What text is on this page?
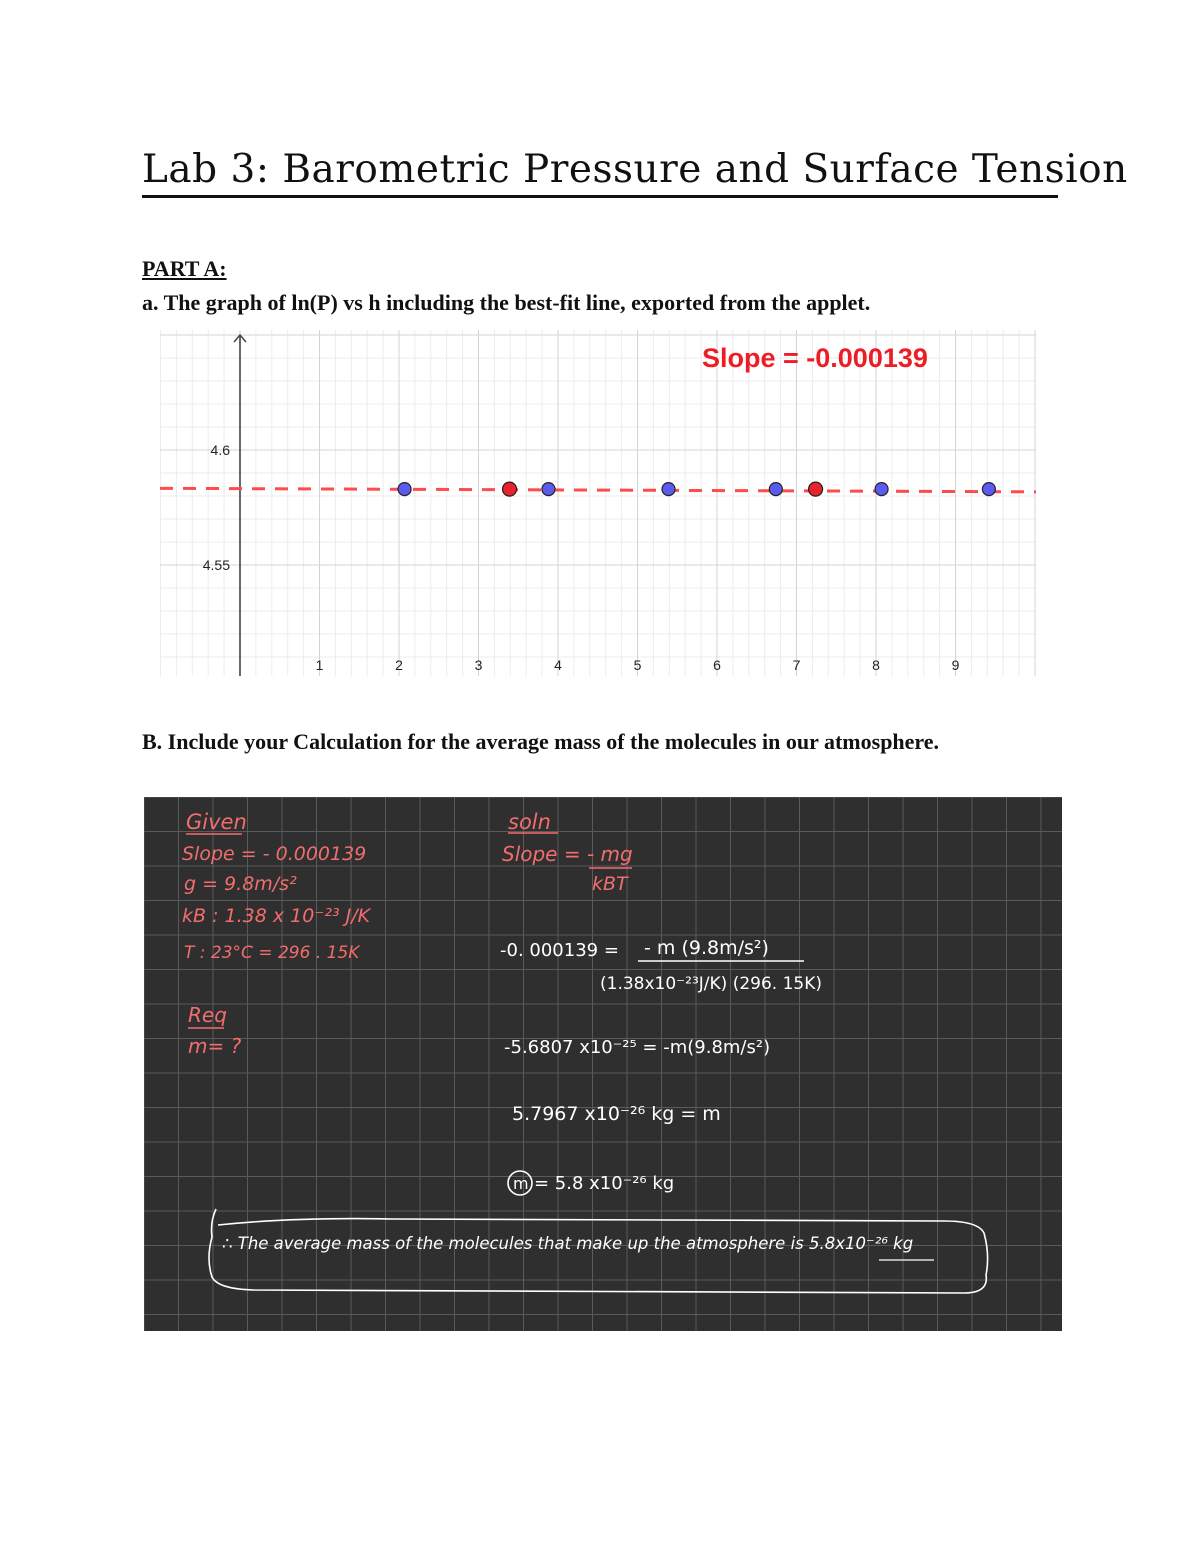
Lab 3: Barometric Pressure and Surface Tension

PART A:

a. The graph of ln(P) vs h including the best-fit line, exported from the applet.

1	2	3	4	5	6	7	8	9
4.6
4.55
Slope = -0.000139

B. Include your Calculation for the average mass of the molecules in our atmosphere.

Given
Slope = - 0.000139
g = 9.8m/s²
kB : 1.38 x 10⁻²³ J/K
T : 23°C = 296 . 15K
Req
m= ?
soln
Slope = - mg
kBT
-0. 000139 = - m (9.8m/s²)
(1.38x10⁻²³J/K) (296. 15K)
-5.6807 x10⁻²⁵ = -m(9.8m/s²)
5.7967 x10⁻²⁶ kg = m
m = 5.8 x10⁻²⁶ kg
∴ The average mass of the molecules that make up the atmosphere is 5.8x10⁻²⁶ kg
